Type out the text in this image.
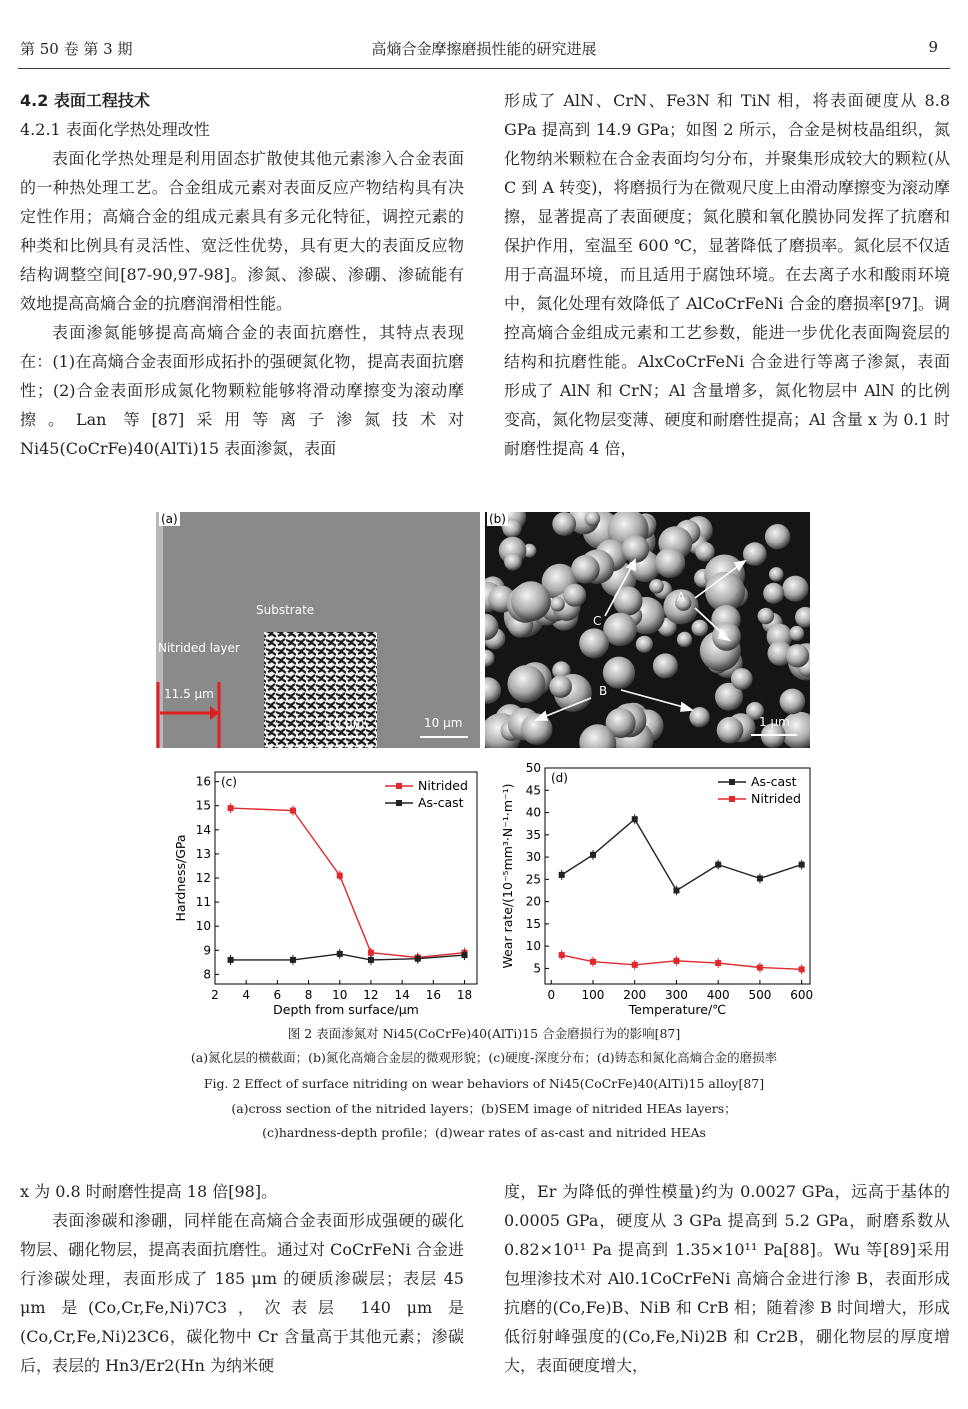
第 50 卷 第 3 期	高熵合金摩擦磨损性能的研究进展	9

4.2 表面工程技术

4.2.1 表面化学热处理改性

表面化学热处理是利用固态扩散使其他元素渗入合金表面的一种热处理工艺。合金组成元素对表面反应产物结构具有决定性作用；高熵合金的组成元素具有多元化特征，调控元素的种类和比例具有灵活性、宽泛性优势，具有更大的表面反应物结构调整空间[87-90,97-98]。渗氮、渗碳、渗硼、渗硫能有效地提高高熵合金的抗磨润滑相性能。

表面渗氮能够提高高熵合金的表面抗磨性，其特点表现在：(1)在高熵合金表面形成拓扑的强硬氮化物，提高表面抗磨性；(2)合金表面形成氮化物颗粒能够将滑动摩擦变为滚动摩擦。Lan 等[87]采用等离子渗氮技术对 Ni45(CoCrFe)40(AlTi)15 表面渗氮，表面

形成了 AlN、CrN、Fe3N 和 TiN 相，将表面硬度从 8.8 GPa 提高到 14.9 GPa；如图 2 所示，合金是树枝晶组织，氮化物纳米颗粒在合金表面均匀分布，并聚集形成较大的颗粒(从 C 到 A 转变)，将磨损行为在微观尺度上由滑动摩擦变为滚动摩擦，显著提高了表面硬度；氮化膜和氧化膜协同发挥了抗磨和保护作用，室温至 600 ℃，显著降低了磨损率。氮化层不仅适用于高温环境，而且适用于腐蚀环境。在去离子水和酸雨环境中，氮化处理有效降低了 AlCoCrFeNi 合金的磨损率[97]。调控高熵合金组成元素和工艺参数，能进一步优化表面陶瓷层的结构和抗磨性能。AlxCoCrFeNi 合金进行等离子渗氮，表面形成了 AlN 和 CrN；Al 含量增多，氮化物层中 AlN 的比例变高，氮化物层变薄、硬度和耐磨性提高；Al 含量 x 为 0.1 时耐磨性提高 4 倍，

(a)
Substrate
Nitrided layer
11.5 μm
10 μm	10 μm
(b)
A
C
B
1 μm
2 4 6 8 10 12 14 16 18
8
9
10
11
12
13
14
15
16
Depth from surface/μm
Hardness/GPa
(c)	Nitrided
As-cast
0 100 200 300 400 500 600
5
10
15
20
25
30
35
40
45
50
Temperature/℃
Wear rate/(10⁻⁵mm³·N⁻¹·m⁻¹)
(d)	As-cast
Nitrided
图 2 表面渗氮对 Ni45(CoCrFe)40(AlTi)15 合金磨损行为的影响[87]
(a)氮化层的横截面；(b)氮化高熵合金层的微观形貌；(c)硬度-深度分布；(d)铸态和氮化高熵合金的磨损率
Fig. 2 Effect of surface nitriding on wear behaviors of Ni45(CoCrFe)40(AlTi)15 alloy[87]
(a)cross section of the nitrided layers；(b)SEM image of nitrided HEAs layers；
(c)hardness-depth profile；(d)wear rates of as-cast and nitrided HEAs

x 为 0.8 时耐磨性提高 18 倍[98]。

表面渗碳和渗硼，同样能在高熵合金表面形成强硬的碳化物层、硼化物层，提高表面抗磨性。通过对 CoCrFeNi 合金进行渗碳处理，表面形成了 185 μm 的硬质渗碳层；表层 45 μm 是(Co,Cr,Fe,Ni)7C3，次表层 140 μm 是(Co,Cr,Fe,Ni)23C6，碳化物中 Cr 含量高于其他元素；渗碳后，表层的 Hn3/Er2(Hn 为纳米硬

度，Er 为降低的弹性模量)约为 0.0027 GPa，远高于基体的 0.0005 GPa，硬度从 3 GPa 提高到 5.2 GPa，耐磨系数从 0.82×10¹¹ Pa 提高到 1.35×10¹¹ Pa[88]。Wu 等[89]采用包埋渗技术对 Al0.1CoCrFeNi 高熵合金进行渗 B，表面形成抗磨的(Co,Fe)B、NiB 和 CrB 相；随着渗 B 时间增大，形成低衍射峰强度的(Co,Fe,Ni)2B 和 Cr2B，硼化物层的厚度增大，表面硬度增大，
